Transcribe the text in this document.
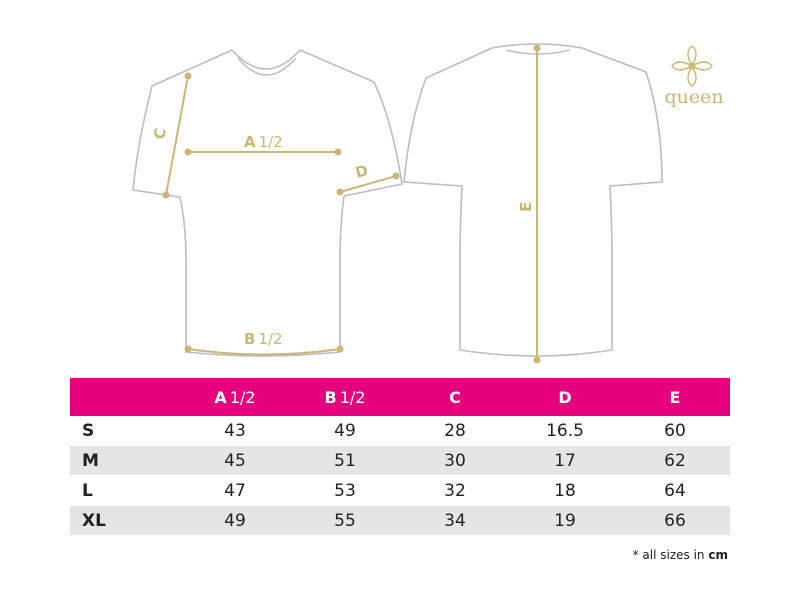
A 1/2
B 1/2
C
D
E
queen
	A 1/2	B 1/2	C	D	E
S	43	49	28	16.5	60
M	45	51	30	17	62
L	47	53	32	18	64
XL	49	55	34	19	66
* all sizes in cm
